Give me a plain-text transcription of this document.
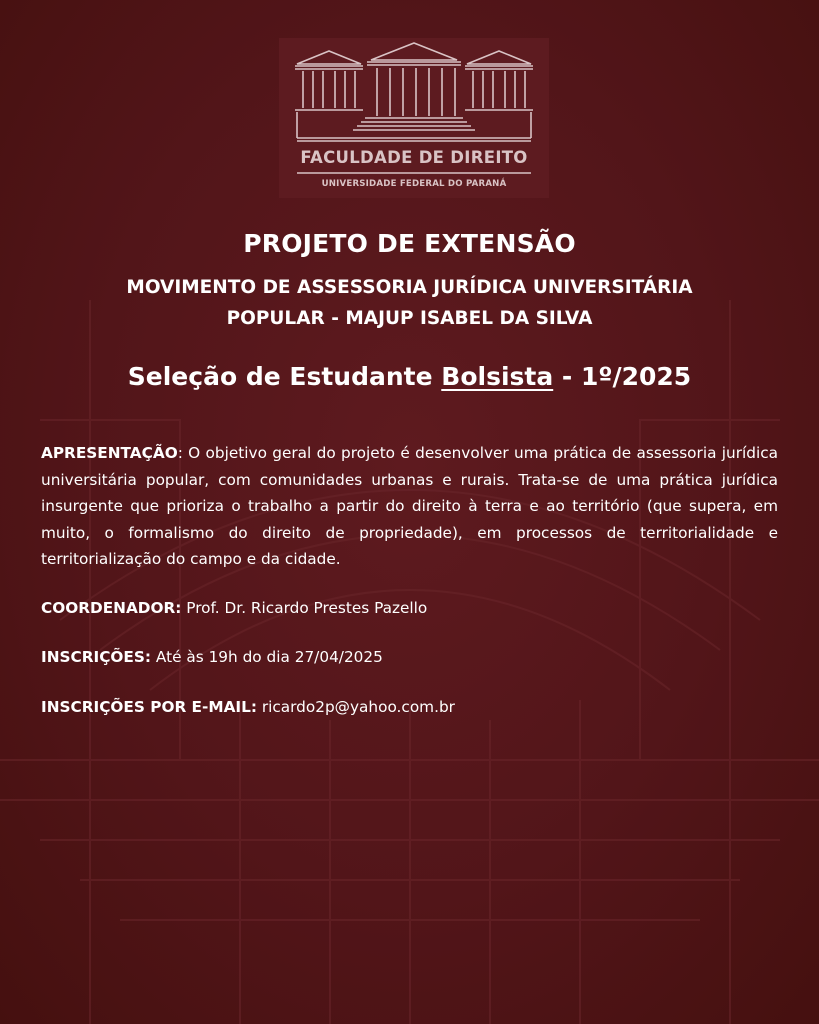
FACULDADE DE DIREITO
UNIVERSIDADE FEDERAL DO PARANÁ
PROJETO DE EXTENSÃO
MOVIMENTO DE ASSESSORIA JURÍDICA UNIVERSITÁRIA
POPULAR - MAJUP ISABEL DA SILVA
Seleção de Estudante Bolsista - 1º/2025

APRESENTAÇÃO: O objetivo geral do projeto é desenvolver uma prática de assessoria jurídica universitária popular, com comunidades urbanas e rurais. Trata-se de uma prática jurídica insurgente que prioriza o trabalho a partir do direito à terra e ao território (que supera, em muito, o formalismo do direito de propriedade), em processos de territorialidade e territorialização do campo e da cidade.

COORDENADOR: Prof. Dr. Ricardo Prestes Pazello

INSCRIÇÕES: Até às 19h do dia 27/04/2025

INSCRIÇÕES POR E-MAIL: ricardo2p@yahoo.com.br
